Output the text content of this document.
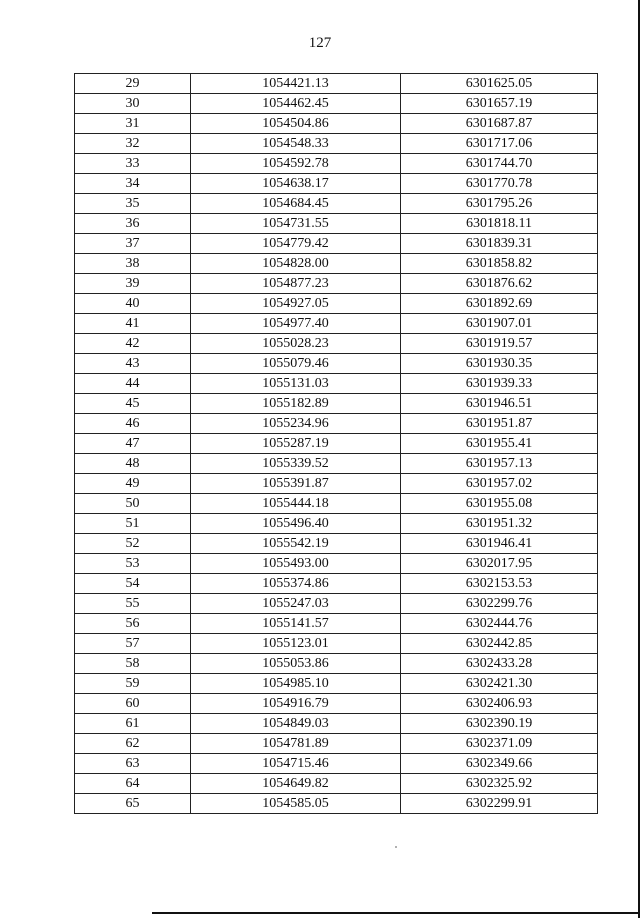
127
29	1054421.13	6301625.05
30	1054462.45	6301657.19
31	1054504.86	6301687.87
32	1054548.33	6301717.06
33	1054592.78	6301744.70
34	1054638.17	6301770.78
35	1054684.45	6301795.26
36	1054731.55	6301818.11
37	1054779.42	6301839.31
38	1054828.00	6301858.82
39	1054877.23	6301876.62
40	1054927.05	6301892.69
41	1054977.40	6301907.01
42	1055028.23	6301919.57
43	1055079.46	6301930.35
44	1055131.03	6301939.33
45	1055182.89	6301946.51
46	1055234.96	6301951.87
47	1055287.19	6301955.41
48	1055339.52	6301957.13
49	1055391.87	6301957.02
50	1055444.18	6301955.08
51	1055496.40	6301951.32
52	1055542.19	6301946.41
53	1055493.00	6302017.95
54	1055374.86	6302153.53
55	1055247.03	6302299.76
56	1055141.57	6302444.76
57	1055123.01	6302442.85
58	1055053.86	6302433.28
59	1054985.10	6302421.30
60	1054916.79	6302406.93
61	1054849.03	6302390.19
62	1054781.89	6302371.09
63	1054715.46	6302349.66
64	1054649.82	6302325.92
65	1054585.05	6302299.91
